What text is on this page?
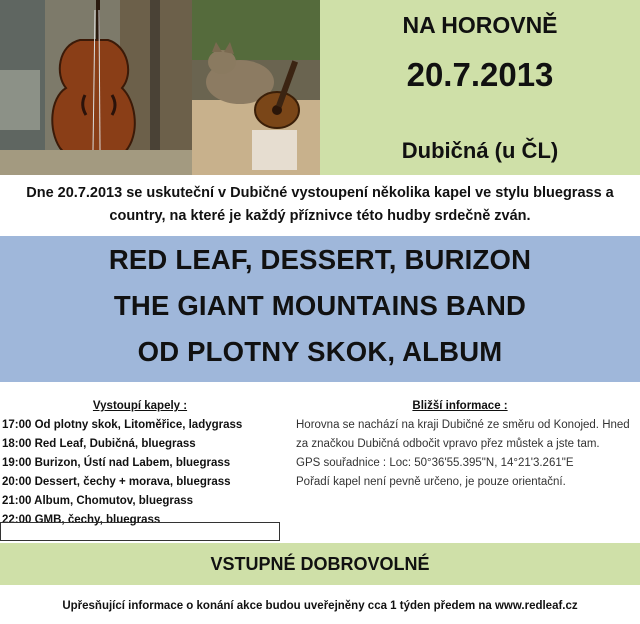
NA HOROVNĚ
20.7.2013
Dubičná (u ČL)
Dne 20.7.2013 se uskuteční v Dubičné vystoupení několika kapel ve stylu bluegrass a
country, na které je každý příznivce této hudby srdečně zván.
RED LEAF, DESSERT, BURIZON
THE GIANT MOUNTAINS BAND
OD PLOTNY SKOK, ALBUM
Vystoupí kapely :	Bližší informace :
17:00 Od plotny skok, Litoměřice, ladygrass
18:00 Red Leaf, Dubičná, bluegrass
19:00 Burizon, Ústí nad Labem, bluegrass
20:00 Dessert, čechy + morava, bluegrass
21:00 Album, Chomutov, bluegrass
22:00 GMB, čechy, bluegrass
Horovna se nachází na kraji Dubičné ze směru od Konojed. Hned
za značkou Dubičná odbočit vpravo přez můstek a jste tam.
GPS souřadnice : Loc: 50°36'55.395"N, 14°21'3.261"E
Pořadí kapel není pevně určeno, je pouze orientační.
VSTUPNÉ DOBROVOLNÉ
Upřesňující informace o konání akce budou uveřejněny cca 1 týden předem na www.redleaf.cz
